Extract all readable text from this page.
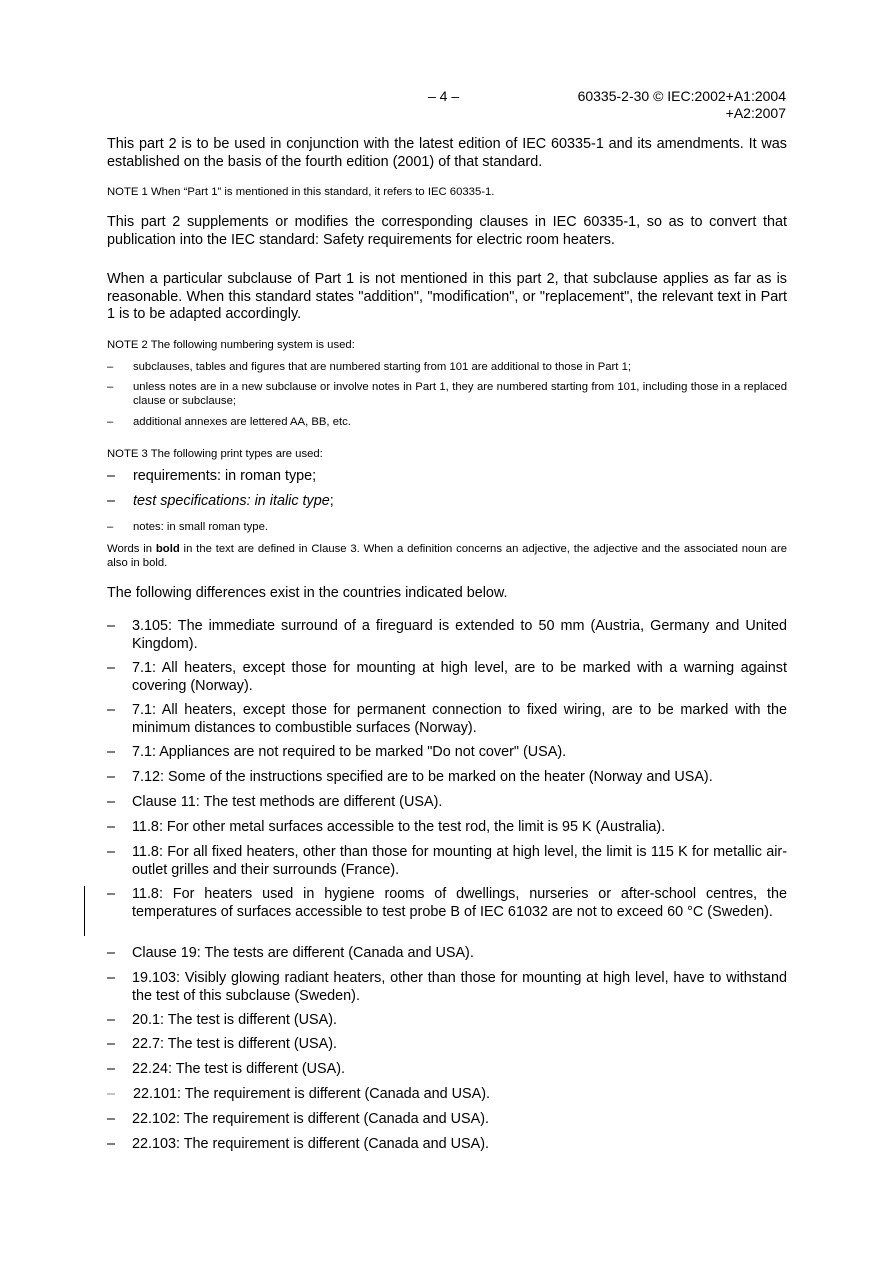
– 4 –	60335-2-30 © IEC:2002+A1:2004
+A2:2007
This part 2 is to be used in conjunction with the latest edition of IEC 60335-1 and its amendments. It was established on the basis of the fourth edition (2001) of that standard.
NOTE 1 When “Part 1” is mentioned in this standard, it refers to IEC 60335-1.
This part 2 supplements or modifies the corresponding clauses in IEC 60335-1, so as to convert that publication into the IEC standard: Safety requirements for electric room heaters.
When a particular subclause of Part 1 is not mentioned in this part 2, that subclause applies as far as is reasonable. When this standard states "addition", "modification", or "replacement", the relevant text in Part 1 is to be adapted accordingly.
NOTE 2 The following numbering system is used:
– subclauses, tables and figures that are numbered starting from 101 are additional to those in Part 1;
– unless notes are in a new subclause or involve notes in Part 1, they are numbered starting from 101, including those in a replaced clause or subclause;
– additional annexes are lettered AA, BB, etc.
NOTE 3 The following print types are used:
– requirements: in roman type;
– test specifications: in italic type;
– notes: in small roman type.
Words in bold in the text are defined in Clause 3. When a definition concerns an adjective, the adjective and the associated noun are also in bold.
The following differences exist in the countries indicated below.
– 3.105: The immediate surround of a fireguard is extended to 50 mm (Austria, Germany and United Kingdom).
– 7.1: All heaters, except those for mounting at high level, are to be marked with a warning against covering (Norway).
– 7.1: All heaters, except those for permanent connection to fixed wiring, are to be marked with the minimum distances to combustible surfaces (Norway).
– 7.1: Appliances are not required to be marked "Do not cover" (USA).
– 7.12: Some of the instructions specified are to be marked on the heater (Norway and USA).
– Clause 11: The test methods are different (USA).
– 11.8: For other metal surfaces accessible to the test rod, the limit is 95 K (Australia).
– 11.8: For all fixed heaters, other than those for mounting at high level, the limit is 115 K for metallic air-outlet grilles and their surrounds (France).
– 11.8: For heaters used in hygiene rooms of dwellings, nurseries or after-school centres, the temperatures of surfaces accessible to test probe B of IEC 61032 are not to exceed 60 °C (Sweden).
– Clause 19: The tests are different (Canada and USA).
– 19.103: Visibly glowing radiant heaters, other than those for mounting at high level, have to withstand the test of this subclause (Sweden).
– 20.1: The test is different (USA).
– 22.7: The test is different (USA).
– 22.24: The test is different (USA).
– 22.101: The requirement is different (Canada and USA).
– 22.102: The requirement is different (Canada and USA).
– 22.103: The requirement is different (Canada and USA).
